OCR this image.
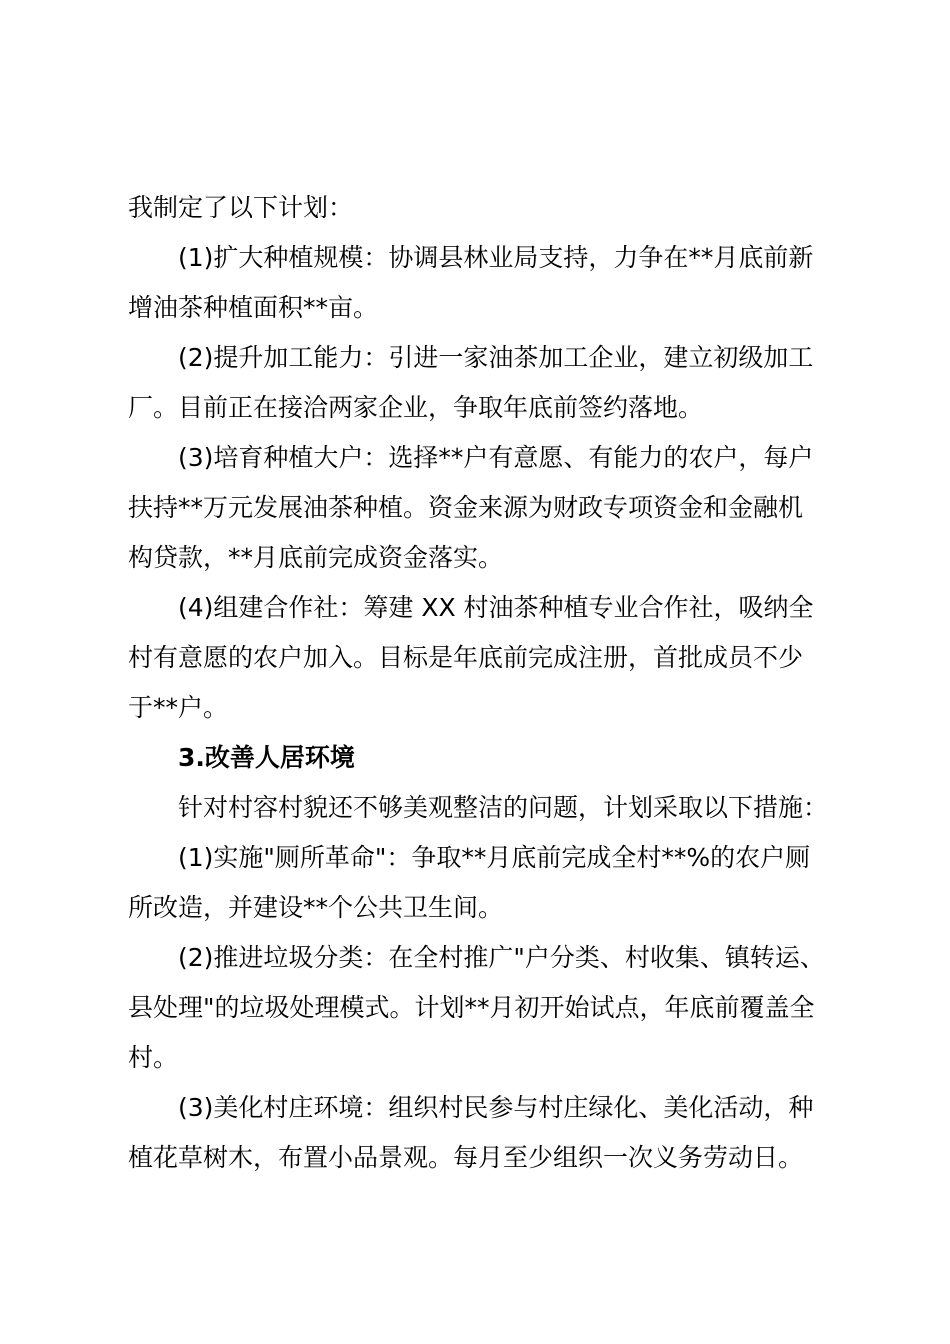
我制定了以下计划：
(1)扩大种植规模：协调县林业局支持，力争在**月底前新
增油茶种植面积**亩。
(2)提升加工能力：引进一家油茶加工企业，建立初级加工
厂。目前正在接洽两家企业，争取年底前签约落地。
(3)培育种植大户：选择**户有意愿、有能力的农户，每户
扶持**万元发展油茶种植。资金来源为财政专项资金和金融机
构贷款，**月底前完成资金落实。
(4)组建合作社：筹建 XX 村油茶种植专业合作社，吸纳全
村有意愿的农户加入。目标是年底前完成注册，首批成员不少
于**户。
3.改善人居环境
针对村容村貌还不够美观整洁的问题，计划采取以下措施：
(1)实施"厕所革命"：争取**月底前完成全村**%的农户厕
所改造，并建设**个公共卫生间。
(2)推进垃圾分类：在全村推广"户分类、村收集、镇转运、
县处理"的垃圾处理模式。计划**月初开始试点，年底前覆盖全
村。
(3)美化村庄环境：组织村民参与村庄绿化、美化活动，种
植花草树木，布置小品景观。每月至少组织一次义务劳动日。
